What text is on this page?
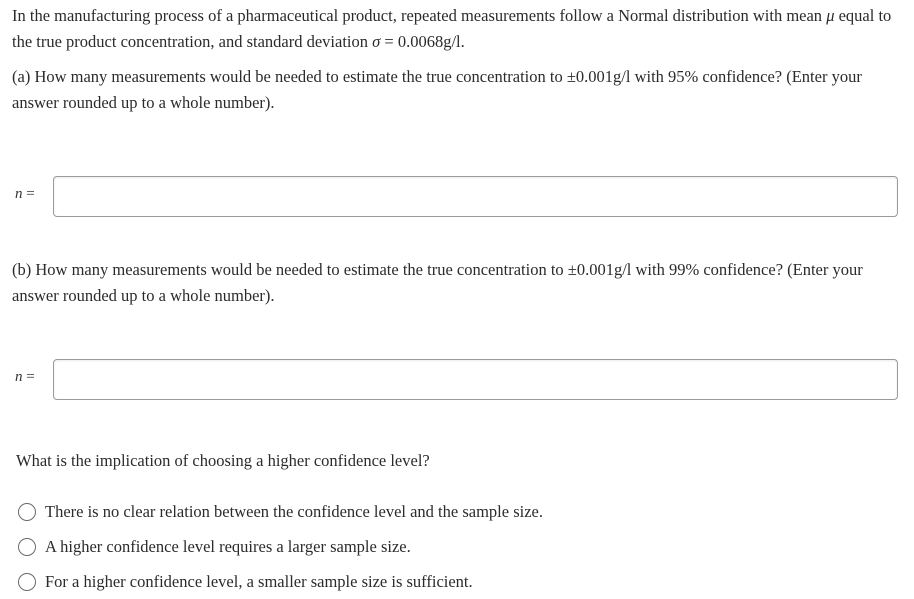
In the manufacturing process of a pharmaceutical product, repeated measurements follow a Normal distribution with mean μ equal to the true product concentration, and standard deviation σ = 0.0068g/l.

(a) How many measurements would be needed to estimate the true concentration to ±0.001g/l with 95% confidence? (Enter your answer rounded up to a whole number).

n =

(b) How many measurements would be needed to estimate the true concentration to ±0.001g/l with 99% confidence? (Enter your answer rounded up to a whole number).

n =

What is the implication of choosing a higher confidence level?

There is no clear relation between the confidence level and the sample size.
A higher confidence level requires a larger sample size.
For a higher confidence level, a smaller sample size is sufficient.
